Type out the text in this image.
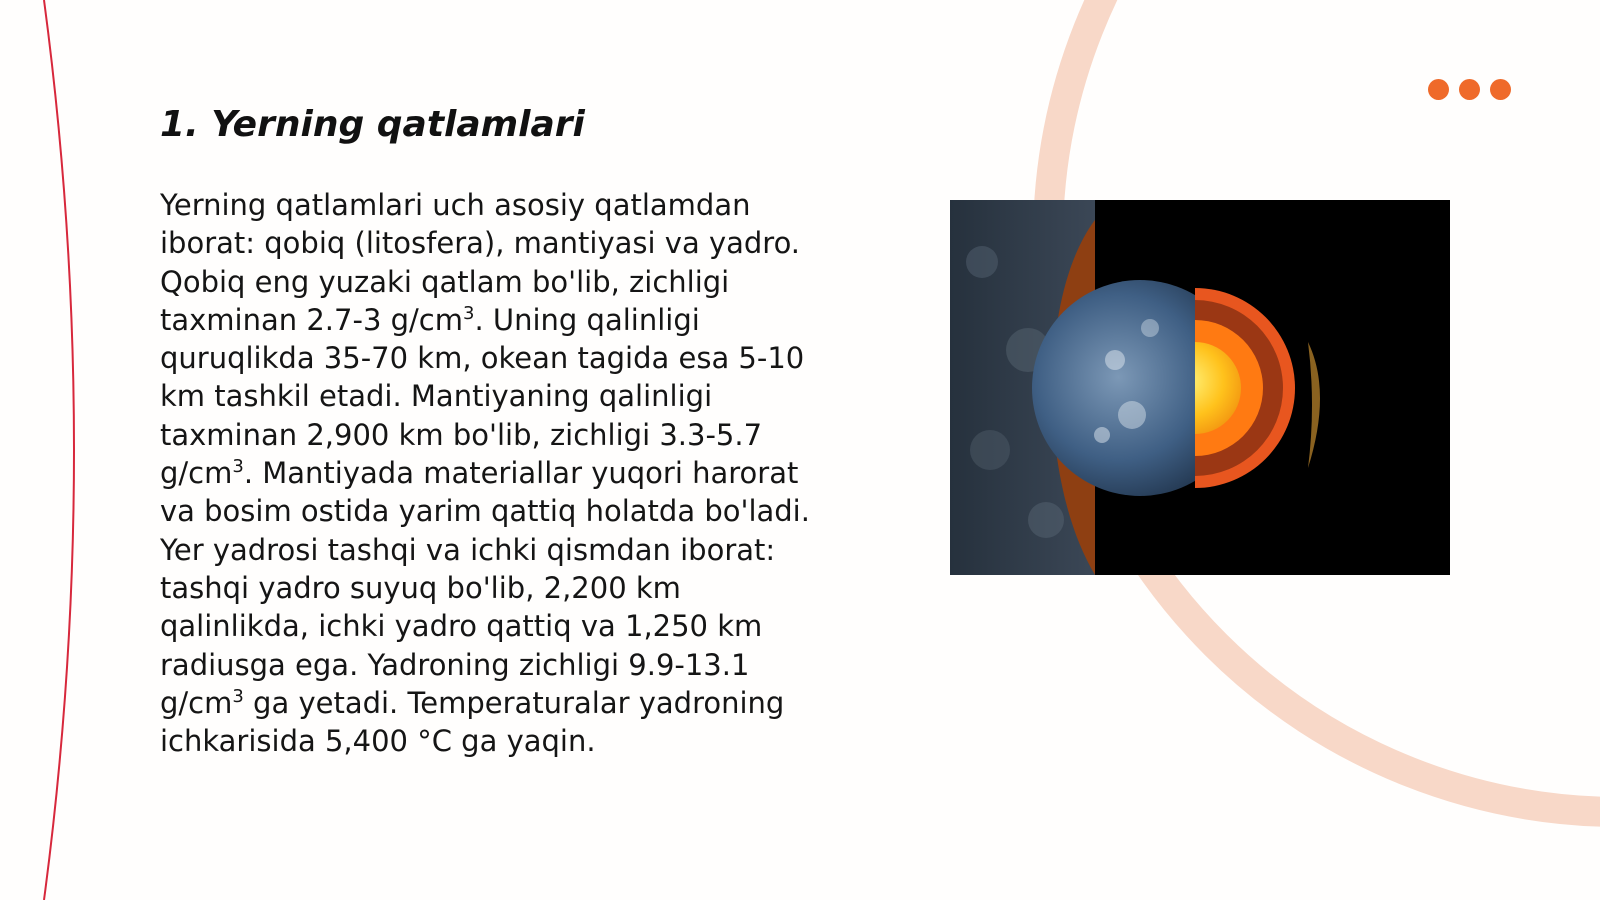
1. Yerning qatlamlari
Yerning qatlamlari uch asosiy qatlamdan
iborat: qobiq (litosfera), mantiyasi va yadro.
Qobiq eng yuzaki qatlam bo'lib, zichligi
taxminan 2.7-3 $g/cm^3$. Uning qalinligi
quruqlikda 35-70 km, okean tagida esa 5-10
km tashkil etadi. Mantiyaning qalinligi
taxminan 2,900 km bo'lib, zichligi 3.3-5.7
$g/cm^3$. Mantiyada materiallar yuqori harorat
va bosim ostida yarim qattiq holatda bo'ladi.
Yer yadrosi tashqi va ichki qismdan iborat:
tashqi yadro suyuq bo'lib, 2,200 km
qalinlikda, ichki yadro qattiq va 1,250 km
radiusga ega. Yadroning zichligi 9.9-13.1
$g/cm^3$ ga yetadi. Temperaturalar yadroning
ichkarisida 5,400 °C ga yaqin.
